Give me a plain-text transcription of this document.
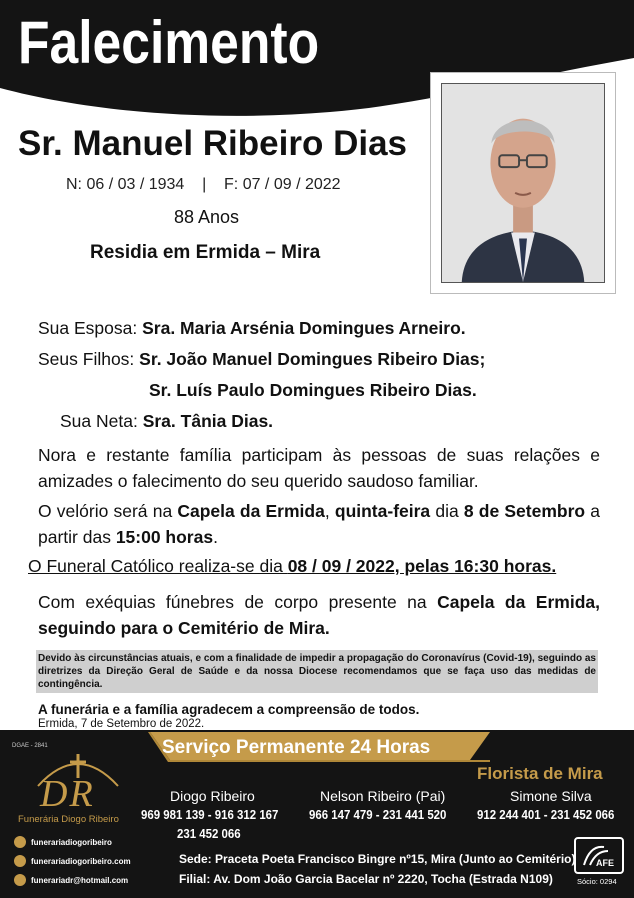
Falecimento
Sr. Manuel Ribeiro Dias
N: 06 / 03 / 1934    |    F: 07 / 09 / 2022
88 Anos
Residia em Ermida – Mira
Sua Esposa: Sra. Maria Arsénia Domingues Arneiro.
Seus Filhos: Sr. João Manuel Domingues Ribeiro Dias;
Sr. Luís Paulo Domingues Ribeiro Dias.
Sua Neta: Sra. Tânia Dias.
Nora e restante família participam às pessoas de suas relações e amizades o falecimento do seu querido saudoso familiar.
O velório será na Capela da Ermida, quinta-feira dia 8 de Setembro a partir das 15:00 horas.
O Funeral Católico realiza-se dia 08 / 09 / 2022, pelas 16:30 horas.
Com exéquias fúnebres de corpo presente na Capela da Ermida, seguindo para o Cemitério de Mira.
Devido às circunstâncias atuais, e com a finalidade de impedir a propagação do Coronavírus (Covid-19), seguindo as diretrizes da Direção Geral de Saúde e da nossa Diocese recomendamos que se faça uso das medidas de contingência.
A funerária e a família agradecem a compreensão de todos.
Ermida, 7 de Setembro de 2022.
DGAE - 2841	Serviço Permanente 24 Horas
Florista de Mira
DR
Funerária Diogo Ribeiro
Diogo Ribeiro
969 981 139 - 916 312 167
231 452 066
Nelson Ribeiro (Pai)
966 147 479 - 231 441 520
Simone Silva
912 244 401 - 231 452 066
funerariadiogoribeiro
funerariadiogoribeiro.com
funerariadr@hotmail.com
Sede: Praceta Poeta Francisco Bingre nº15, Mira (Junto ao Cemitério)
Filial: Av. Dom João Garcia Bacelar nº 2220, Tocha (Estrada N109)
AFE
Sócio: 0294
